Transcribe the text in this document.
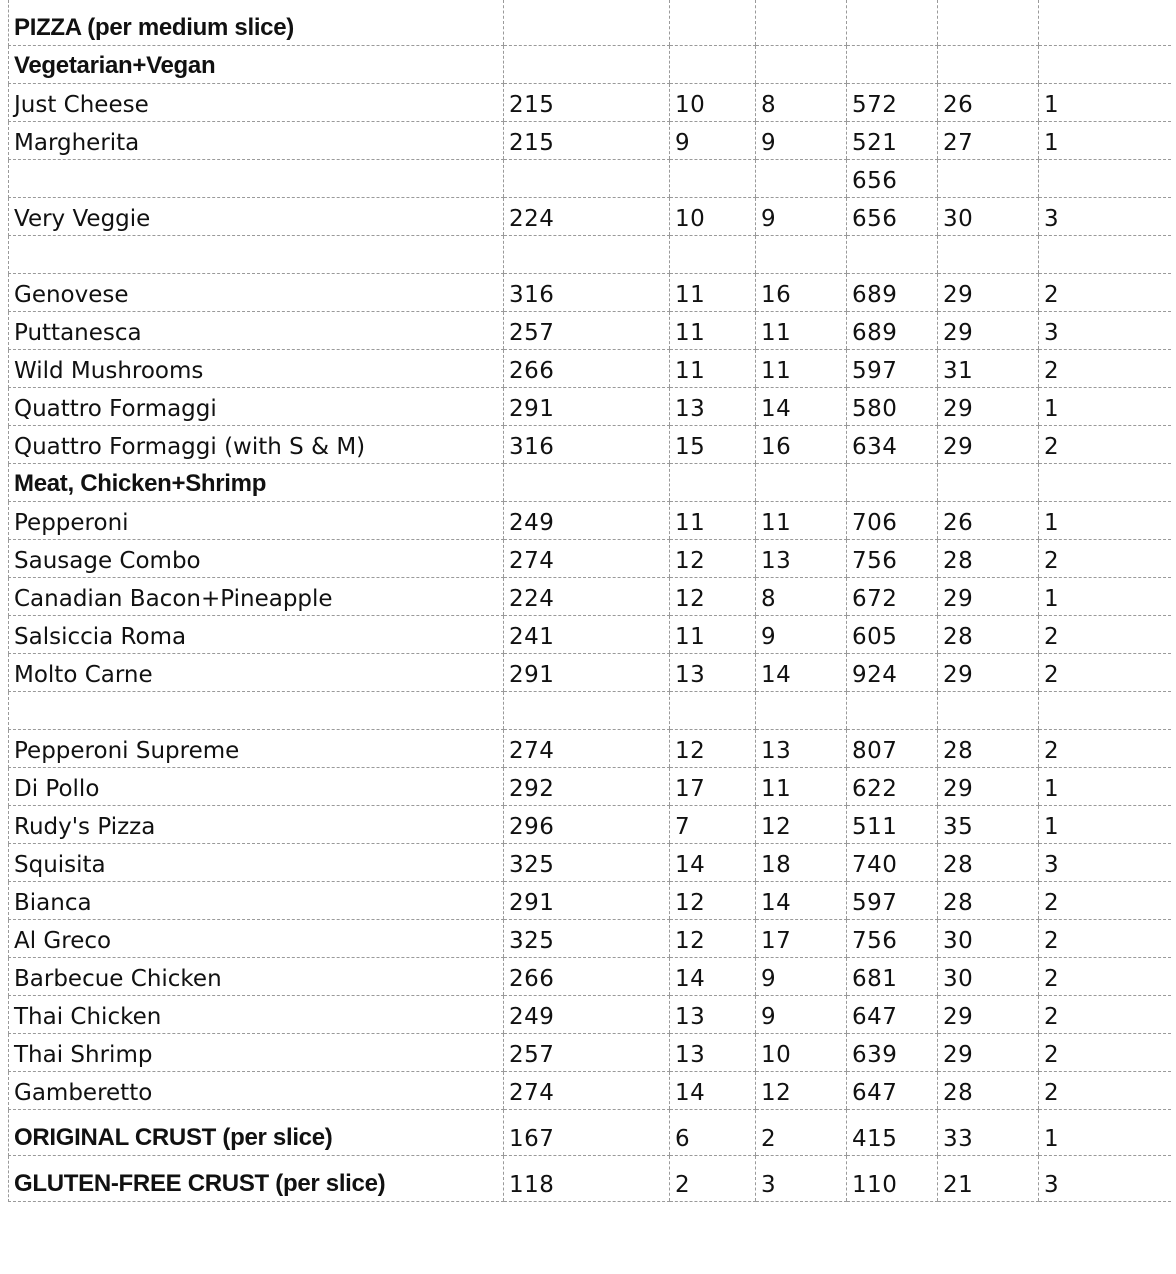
PIZZA (per medium slice)						
Vegetarian+Vegan						
Just Cheese	215	10	8	572	26	1
Margherita	215	9	9	521	27	1
				656		
Very Veggie	224	10	9	656	30	3

Genovese	316	11	16	689	29	2
Puttanesca	257	11	11	689	29	3
Wild Mushrooms	266	11	11	597	31	2
Quattro Formaggi	291	13	14	580	29	1
Quattro Formaggi (with S & M)	316	15	16	634	29	2
Meat, Chicken+Shrimp						
Pepperoni	249	11	11	706	26	1
Sausage Combo	274	12	13	756	28	2
Canadian Bacon+Pineapple	224	12	8	672	29	1
Salsiccia Roma	241	11	9	605	28	2
Molto Carne	291	13	14	924	29	2

Pepperoni Supreme	274	12	13	807	28	2
Di Pollo	292	17	11	622	29	1
Rudy's Pizza	296	7	12	511	35	1
Squisita	325	14	18	740	28	3
Bianca	291	12	14	597	28	2
Al Greco	325	12	17	756	30	2
Barbecue Chicken	266	14	9	681	30	2
Thai Chicken	249	13	9	647	29	2
Thai Shrimp	257	13	10	639	29	2
Gamberetto	274	14	12	647	28	2
ORIGINAL CRUST (per slice)	167	6	2	415	33	1
GLUTEN-FREE CRUST (per slice)	118	2	3	110	21	3
